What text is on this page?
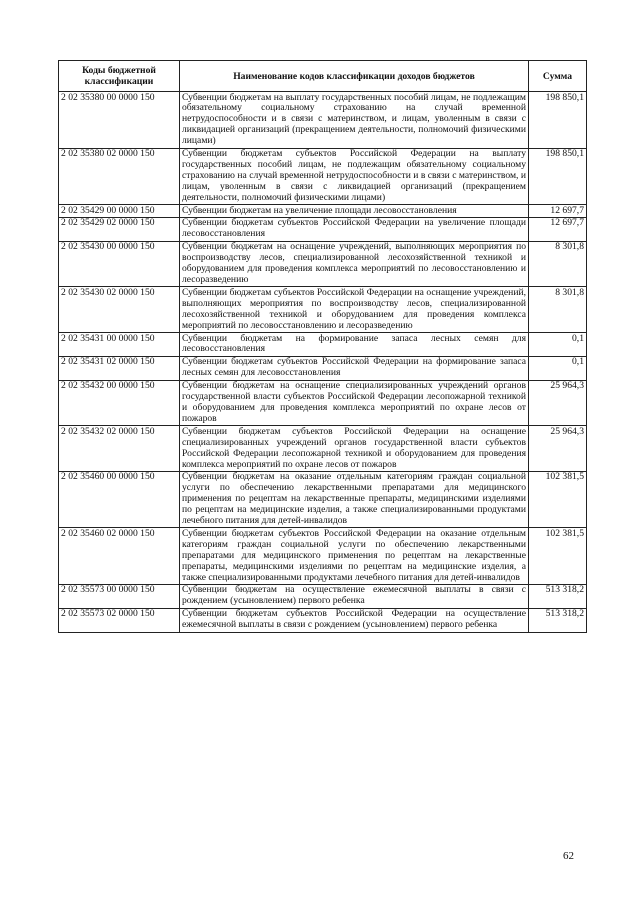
Коды бюджетной классификации	Наименование кодов классификации доходов бюджетов	Сумма
2 02 35380 00 0000 150	Субвенции бюджетам на выплату государственных пособий лицам, не подлежащим обязательному социальному страхованию на случай временной нетрудоспособности и в связи с материнством, и лицам, уволенным в связи с ликвидацией организаций (прекращением деятельности, полномочий физическими лицами)	198 850,1
2 02 35380 02 0000 150	Субвенции бюджетам субъектов Российской Федерации на выплату государственных пособий лицам, не подлежащим обязательному социальному страхованию на случай временной нетрудоспособности и в связи с материнством, и лицам, уволенным в связи с ликвидацией организаций (прекращением деятельности, полномочий физическими лицами)	198 850,1
2 02 35429 00 0000 150	Субвенции бюджетам на увеличение площади лесовосстановления	12 697,7
2 02 35429 02 0000 150	Субвенции бюджетам субъектов Российской Федерации на увеличение площади лесовосстановления	12 697,7
2 02 35430 00 0000 150	Субвенции бюджетам на оснащение учреждений, выполняющих мероприятия по воспроизводству лесов, специализированной лесохозяйственной техникой и оборудованием для проведения комплекса мероприятий по лесовосстановлению и лесоразведению	8 301,8
2 02 35430 02 0000 150	Субвенции бюджетам субъектов Российской Федерации на оснащение учреждений, выполняющих мероприятия по воспроизводству лесов, специализированной лесохозяйственной техникой и оборудованием для проведения комплекса мероприятий по лесовосстановлению и лесоразведению	8 301,8
2 02 35431 00 0000 150	Субвенции бюджетам на формирование запаса лесных семян для лесовосстановления	0,1
2 02 35431 02 0000 150	Субвенции бюджетам субъектов Российской Федерации на формирование запаса лесных семян для лесовосстановления	0,1
2 02 35432 00 0000 150	Субвенции бюджетам на оснащение специализированных учреждений органов государственной власти субъектов Российской Федерации лесопожарной техникой и оборудованием для проведения комплекса мероприятий по охране лесов от пожаров	25 964,3
2 02 35432 02 0000 150	Субвенции бюджетам субъектов Российской Федерации на оснащение специализированных учреждений органов государственной власти субъектов Российской Федерации лесопожарной техникой и оборудованием для проведения комплекса мероприятий по охране лесов от пожаров	25 964,3
2 02 35460 00 0000 150	Субвенции бюджетам на оказание отдельным категориям граждан социальной услуги по обеспечению лекарственными препаратами для медицинского применения по рецептам на лекарственные препараты, медицинскими изделиями по рецептам на медицинские изделия, а также специализированными продуктами лечебного питания для детей-инвалидов	102 381,5
2 02 35460 02 0000 150	Субвенции бюджетам субъектов Российской Федерации на оказание отдельным категориям граждан социальной услуги по обеспечению лекарственными препаратами для медицинского применения по рецептам на лекарственные препараты, медицинскими изделиями по рецептам на медицинские изделия, а также специализированными продуктами лечебного питания для детей-инвалидов	102 381,5
2 02 35573 00 0000 150	Субвенции бюджетам на осуществление ежемесячной выплаты в связи с рождением (усыновлением) первого ребенка	513 318,2
2 02 35573 02 0000 150	Субвенции бюджетам субъектов Российской Федерации на осуществление ежемесячной выплаты в связи с рождением (усыновлением) первого ребенка	513 318,2
62
